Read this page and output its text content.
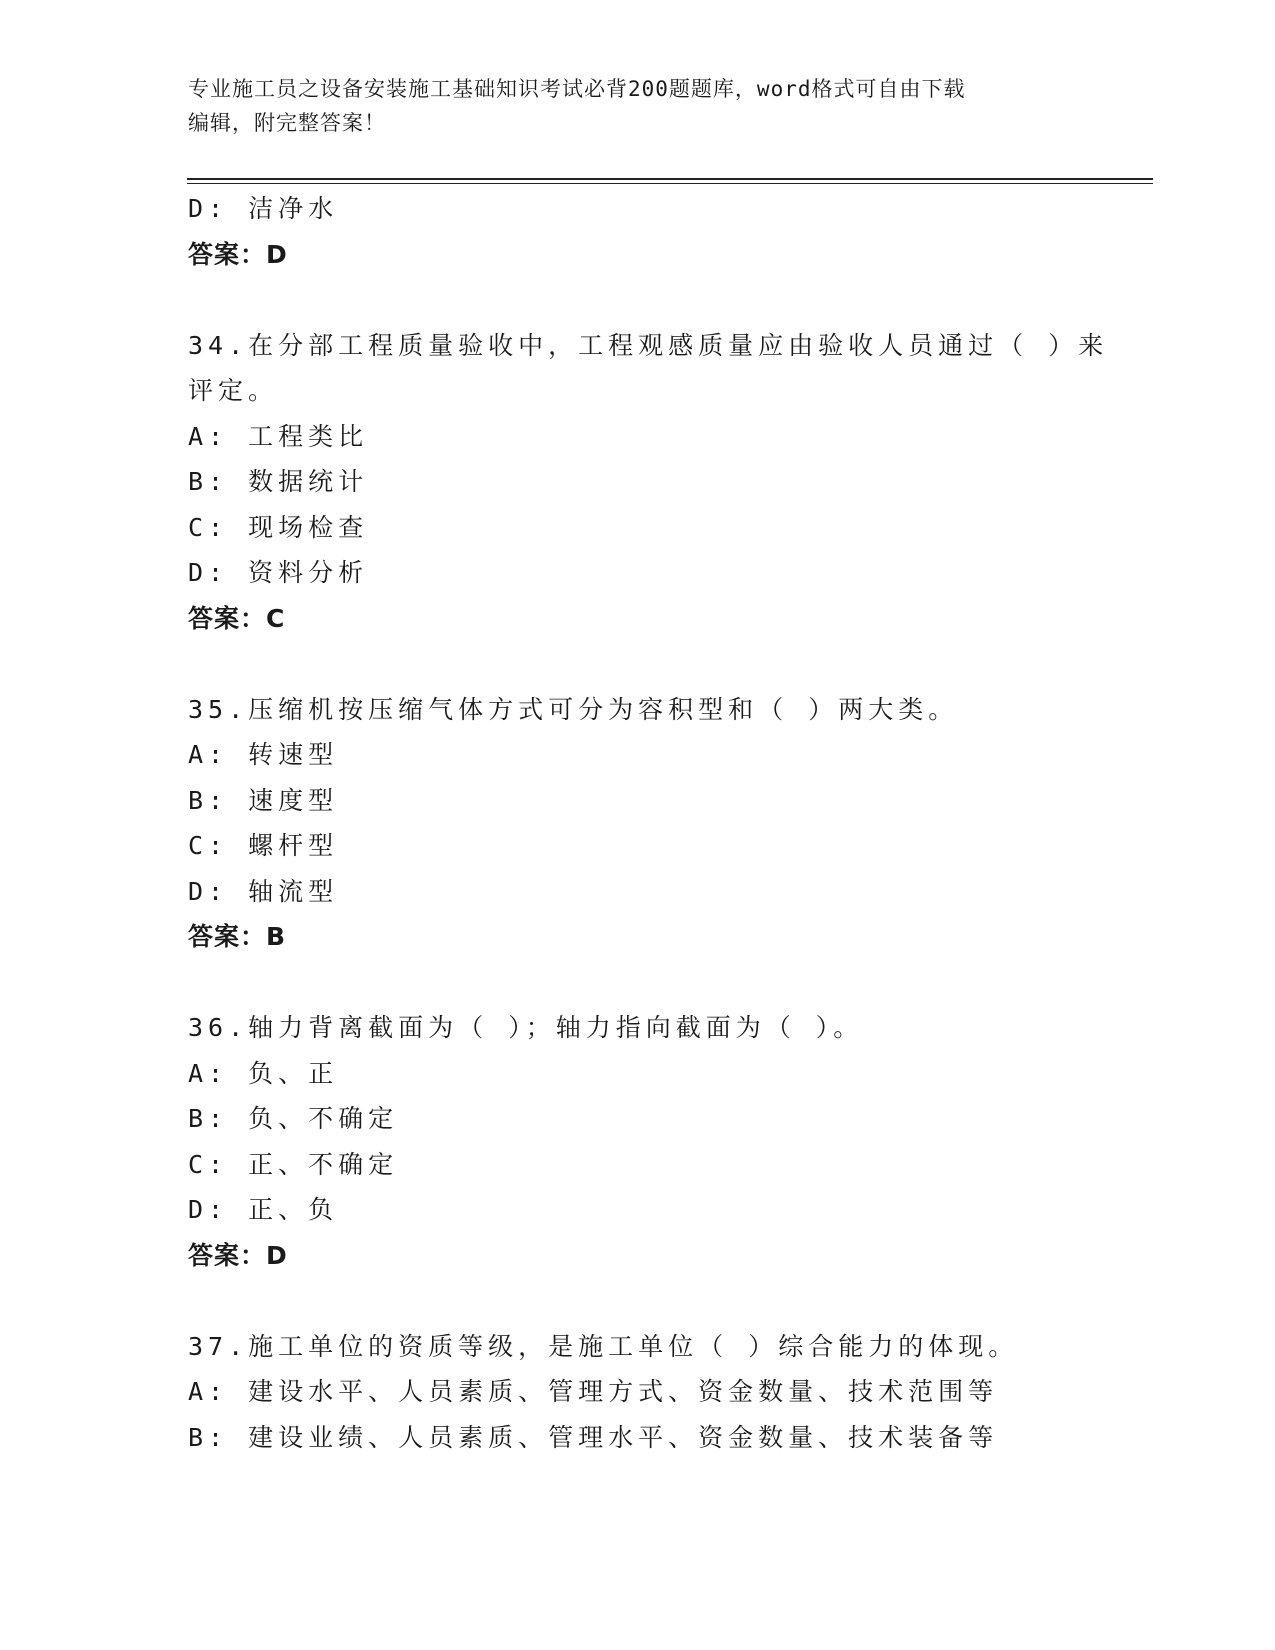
专业施工员之设备安装施工基础知识考试必背200题题库，word格式可自由下载
编辑，附完整答案！
D: 洁净水
答案：D
34.在分部工程质量验收中，工程观感质量应由验收人员通过（ ）来
评定。
A: 工程类比
B: 数据统计
C: 现场检查
D: 资料分析
答案：C
35.压缩机按压缩气体方式可分为容积型和（ ）两大类。
A: 转速型
B: 速度型
C: 螺杆型
D: 轴流型
答案：B
36.轴力背离截面为（ ）；轴力指向截面为（ ）。
A: 负、正
B: 负、不确定
C: 正、不确定
D: 正、负
答案：D
37.施工单位的资质等级，是施工单位（ ）综合能力的体现。
A: 建设水平、人员素质、管理方式、资金数量、技术范围等
B: 建设业绩、人员素质、管理水平、资金数量、技术装备等
